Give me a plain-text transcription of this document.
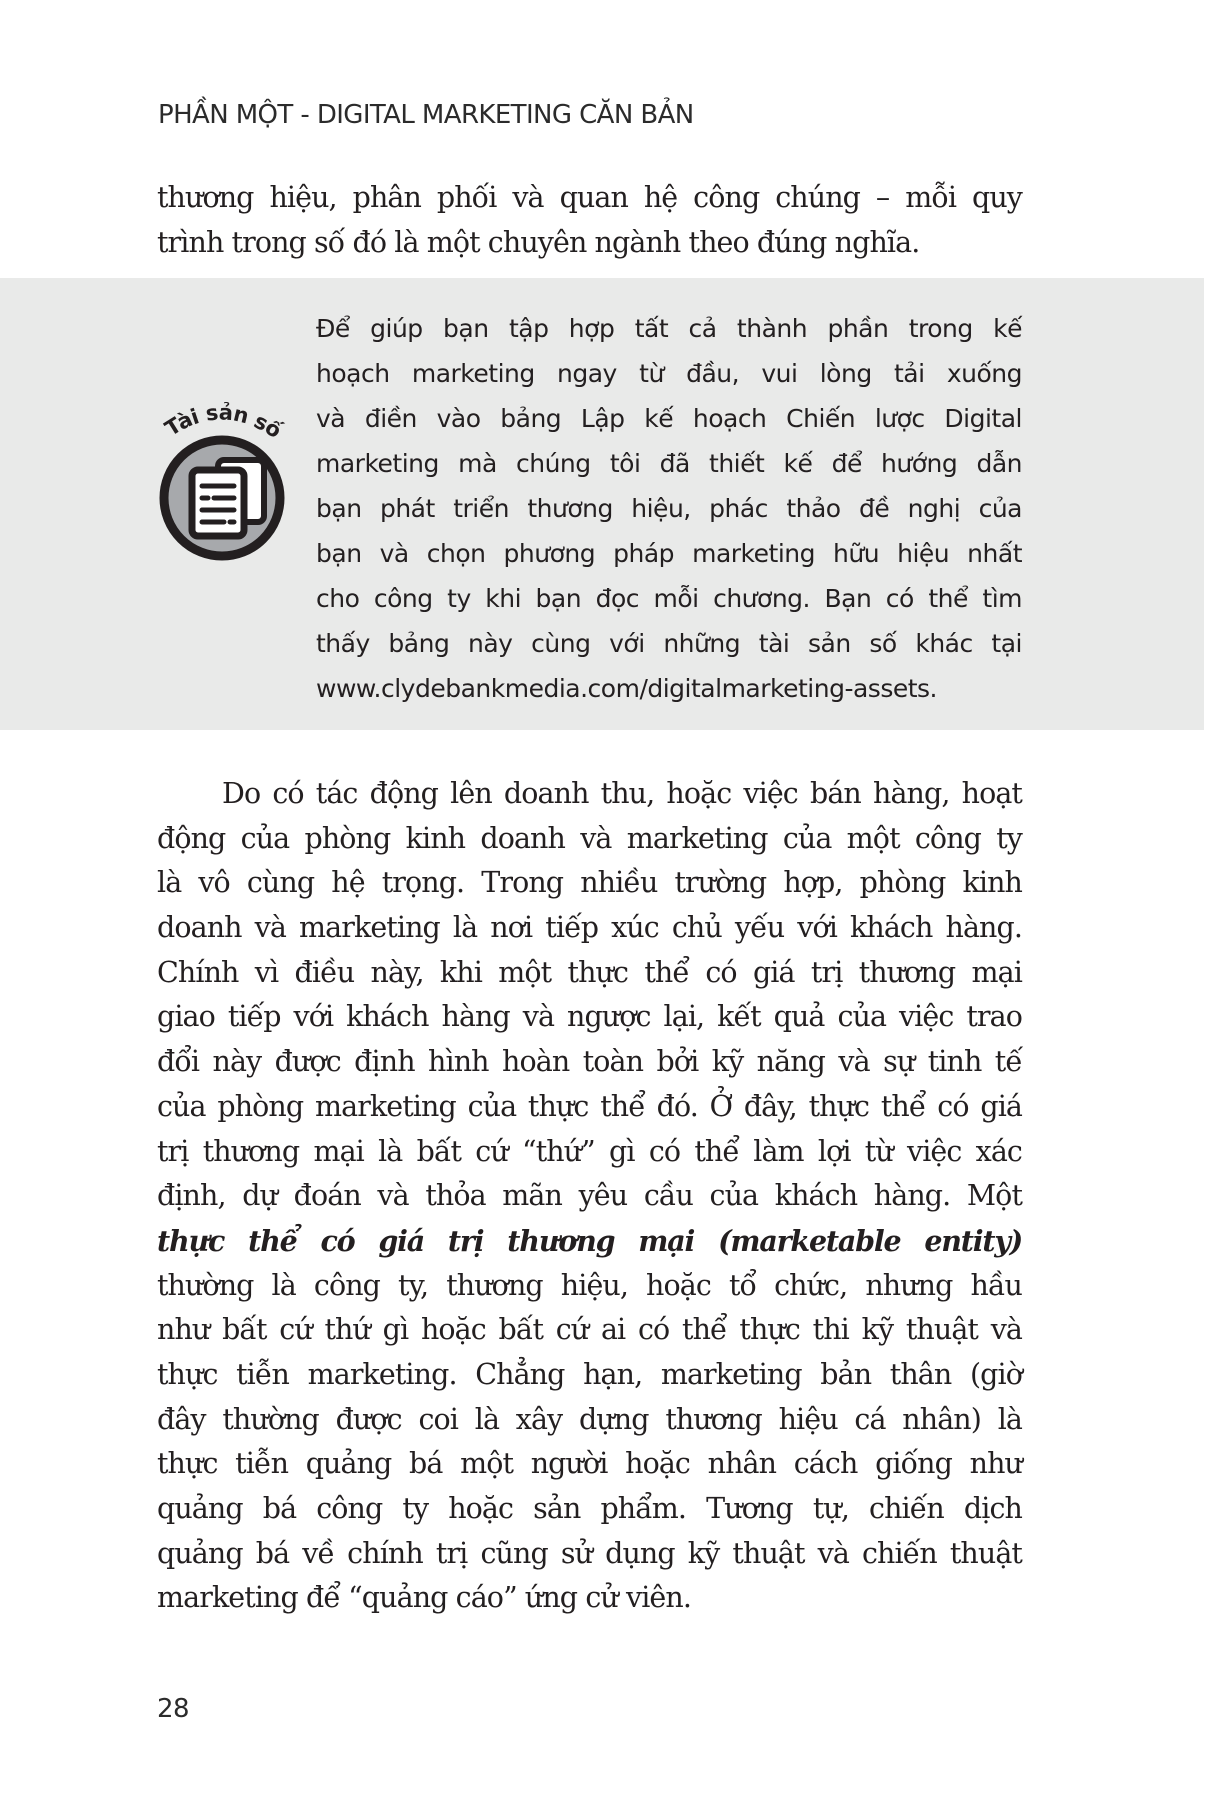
PHẦN MỘT - DIGITAL MARKETING CĂN BẢN
thương hiệu, phân phối và quan hệ công chúng – mỗi quy
trình trong số đó là một chuyên ngành theo đúng nghĩa.
Tài sản số
Để giúp bạn tập hợp tất cả thành phần trong kế
hoạch marketing ngay từ đầu, vui lòng tải xuống
và điền vào bảng Lập kế hoạch Chiến lược Digital
marketing mà chúng tôi đã thiết kế để hướng dẫn
bạn phát triển thương hiệu, phác thảo đề nghị của
bạn và chọn phương pháp marketing hữu hiệu nhất
cho công ty khi bạn đọc mỗi chương. Bạn có thể tìm
thấy bảng này cùng với những tài sản số khác tại
www.clydebankmedia.com/digitalmarketing-assets.
Do có tác động lên doanh thu, hoặc việc bán hàng, hoạt
động của phòng kinh doanh và marketing của một công ty
là vô cùng hệ trọng. Trong nhiều trường hợp, phòng kinh
doanh và marketing là nơi tiếp xúc chủ yếu với khách hàng.
Chính vì điều này, khi một thực thể có giá trị thương mại
giao tiếp với khách hàng và ngược lại, kết quả của việc trao
đổi này được định hình hoàn toàn bởi kỹ năng và sự tinh tế
của phòng marketing của thực thể đó. Ở đây, thực thể có giá
trị thương mại là bất cứ “thứ” gì có thể làm lợi từ việc xác
định, dự đoán và thỏa mãn yêu cầu của khách hàng. Một
thực thể có giá trị thương mại (marketable entity)
thường là công ty, thương hiệu, hoặc tổ chức, nhưng hầu
như bất cứ thứ gì hoặc bất cứ ai có thể thực thi kỹ thuật và
thực tiễn marketing. Chẳng hạn, marketing bản thân (giờ
đây thường được coi là xây dựng thương hiệu cá nhân) là
thực tiễn quảng bá một người hoặc nhân cách giống như
quảng bá công ty hoặc sản phẩm. Tương tự, chiến dịch
quảng bá về chính trị cũng sử dụng kỹ thuật và chiến thuật
marketing để “quảng cáo” ứng cử viên.
28
